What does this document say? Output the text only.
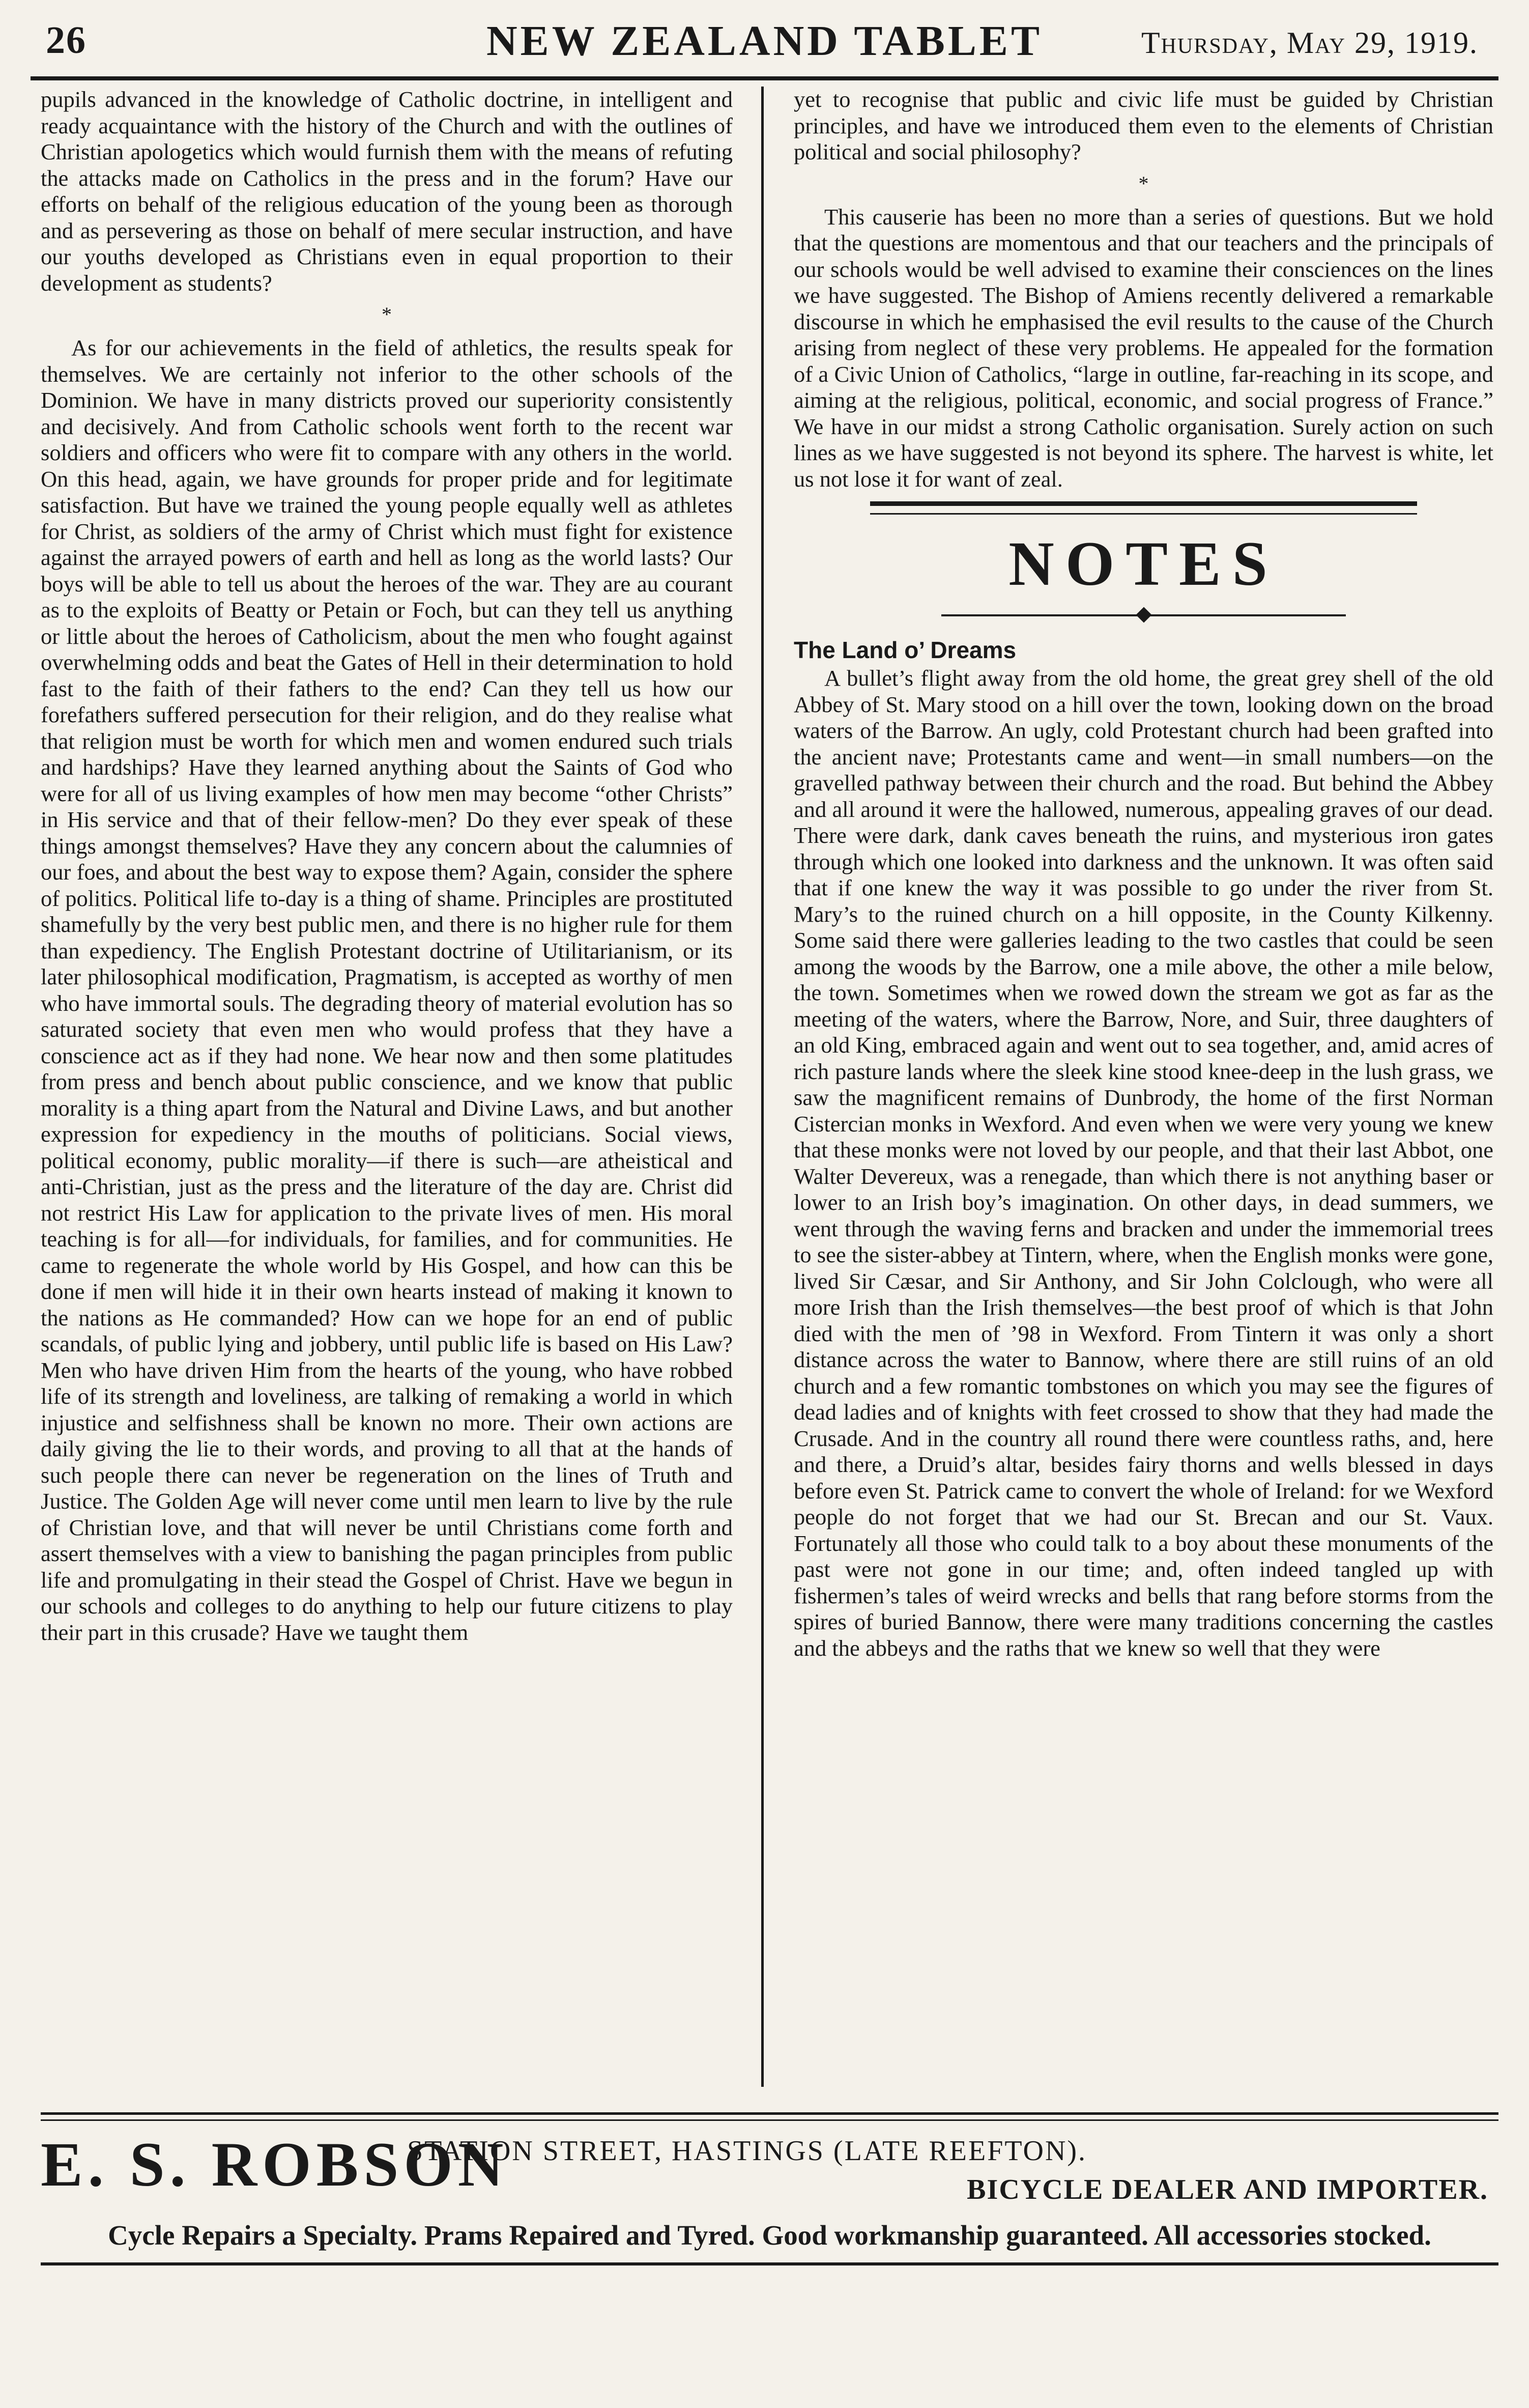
26	NEW ZEALAND TABLET	Thursday, May 29, 1919.

pupils advanced in the knowledge of Catholic doctrine, in intelligent and ready acquaintance with the history of the Church and with the outlines of Christian apologetics which would furnish them with the means of refuting the attacks made on Catholics in the press and in the forum? Have our efforts on behalf of the religious education of the young been as thorough and as persevering as those on behalf of mere secular instruction, and have our youths developed as Christians even in equal proportion to their development as students?

*

As for our achievements in the field of athletics, the results speak for themselves. We are certainly not inferior to the other schools of the Dominion. We have in many districts proved our superiority consistently and decisively. And from Catholic schools went forth to the recent war soldiers and officers who were fit to compare with any others in the world. On this head, again, we have grounds for proper pride and for legitimate satisfaction. But have we trained the young people equally well as athletes for Christ, as soldiers of the army of Christ which must fight for existence against the arrayed powers of earth and hell as long as the world lasts? Our boys will be able to tell us about the heroes of the war. They are au courant as to the exploits of Beatty or Petain or Foch, but can they tell us anything or little about the heroes of Catholicism, about the men who fought against overwhelming odds and beat the Gates of Hell in their determination to hold fast to the faith of their fathers to the end? Can they tell us how our forefathers suffered persecution for their religion, and do they realise what that religion must be worth for which men and women endured such trials and hardships? Have they learned anything about the Saints of God who were for all of us living examples of how men may become “other Christs” in His service and that of their fellow-men? Do they ever speak of these things amongst themselves? Have they any concern about the calumnies of our foes, and about the best way to expose them? Again, consider the sphere of politics. Political life to-day is a thing of shame. Principles are prostituted shamefully by the very best public men, and there is no higher rule for them than expediency. The English Protestant doctrine of Utilitarianism, or its later philosophical modification, Pragmatism, is accepted as worthy of men who have immortal souls. The degrading theory of material evolution has so saturated society that even men who would profess that they have a conscience act as if they had none. We hear now and then some platitudes from press and bench about public conscience, and we know that public morality is a thing apart from the Natural and Divine Laws, and but another expression for expediency in the mouths of politicians. Social views, political economy, public morality—if there is such—are atheistical and anti-Christian, just as the press and the literature of the day are. Christ did not restrict His Law for application to the private lives of men. His moral teaching is for all—for individuals, for families, and for communities. He came to regenerate the whole world by His Gospel, and how can this be done if men will hide it in their own hearts instead of making it known to the nations as He commanded? How can we hope for an end of public scandals, of public lying and jobbery, until public life is based on His Law? Men who have driven Him from the hearts of the young, who have robbed life of its strength and loveliness, are talking of remaking a world in which injustice and selfishness shall be known no more. Their own actions are daily giving the lie to their words, and proving to all that at the hands of such people there can never be regeneration on the lines of Truth and Justice. The Golden Age will never come until men learn to live by the rule of Christian love, and that will never be until Christians come forth and assert themselves with a view to banishing the pagan principles from public life and promulgating in their stead the Gospel of Christ. Have we begun in our schools and colleges to do anything to help our future citizens to play their part in this crusade? Have we taught them

yet to recognise that public and civic life must be guided by Christian principles, and have we introduced them even to the elements of Christian political and social philosophy?

*

This causerie has been no more than a series of questions. But we hold that the questions are momentous and that our teachers and the principals of our schools would be well advised to examine their consciences on the lines we have suggested. The Bishop of Amiens recently delivered a remarkable discourse in which he emphasised the evil results to the cause of the Church arising from neglect of these very problems. He appealed for the formation of a Civic Union of Catholics, “large in outline, far-reaching in its scope, and aiming at the religious, political, economic, and social progress of France.” We have in our midst a strong Catholic organisation. Surely action on such lines as we have suggested is not beyond its sphere. The harvest is white, let us not lose it for want of zeal.

NOTES
The Land o’ Dreams

A bullet’s flight away from the old home, the great grey shell of the old Abbey of St. Mary stood on a hill over the town, looking down on the broad waters of the Barrow. An ugly, cold Protestant church had been grafted into the ancient nave; Protestants came and went—in small numbers—on the gravelled pathway between their church and the road. But behind the Abbey and all around it were the hallowed, numerous, appealing graves of our dead. There were dark, dank caves beneath the ruins, and mysterious iron gates through which one looked into darkness and the unknown. It was often said that if one knew the way it was possible to go under the river from St. Mary’s to the ruined church on a hill opposite, in the County Kilkenny. Some said there were galleries leading to the two castles that could be seen among the woods by the Barrow, one a mile above, the other a mile below, the town. Sometimes when we rowed down the stream we got as far as the meeting of the waters, where the Barrow, Nore, and Suir, three daughters of an old King, embraced again and went out to sea together, and, amid acres of rich pasture lands where the sleek kine stood knee-deep in the lush grass, we saw the magnificent remains of Dunbrody, the home of the first Norman Cistercian monks in Wexford. And even when we were very young we knew that these monks were not loved by our people, and that their last Abbot, one Walter Devereux, was a renegade, than which there is not anything baser or lower to an Irish boy’s imagination. On other days, in dead summers, we went through the waving ferns and bracken and under the immemorial trees to see the sister-abbey at Tintern, where, when the English monks were gone, lived Sir Cæsar, and Sir Anthony, and Sir John Colclough, who were all more Irish than the Irish themselves—the best proof of which is that John died with the men of ’98 in Wexford. From Tintern it was only a short distance across the water to Bannow, where there are still ruins of an old church and a few romantic tombstones on which you may see the figures of dead ladies and of knights with feet crossed to show that they had made the Crusade. And in the country all round there were countless raths, and, here and there, a Druid’s altar, besides fairy thorns and wells blessed in days before even St. Patrick came to convert the whole of Ireland: for we Wexford people do not forget that we had our St. Brecan and our St. Vaux. Fortunately all those who could talk to a boy about these monuments of the past were not gone in our time; and, often indeed tangled up with fishermen’s tales of weird wrecks and bells that rang before storms from the spires of buried Bannow, there were many traditions concerning the castles and the abbeys and the raths that we knew so well that they were

E. S. ROBSON
STATION STREET, HASTINGS (LATE REEFTON).
BICYCLE DEALER AND IMPORTER.
Cycle Repairs a Specialty. Prams Repaired and Tyred. Good workmanship guaranteed. All accessories stocked.
